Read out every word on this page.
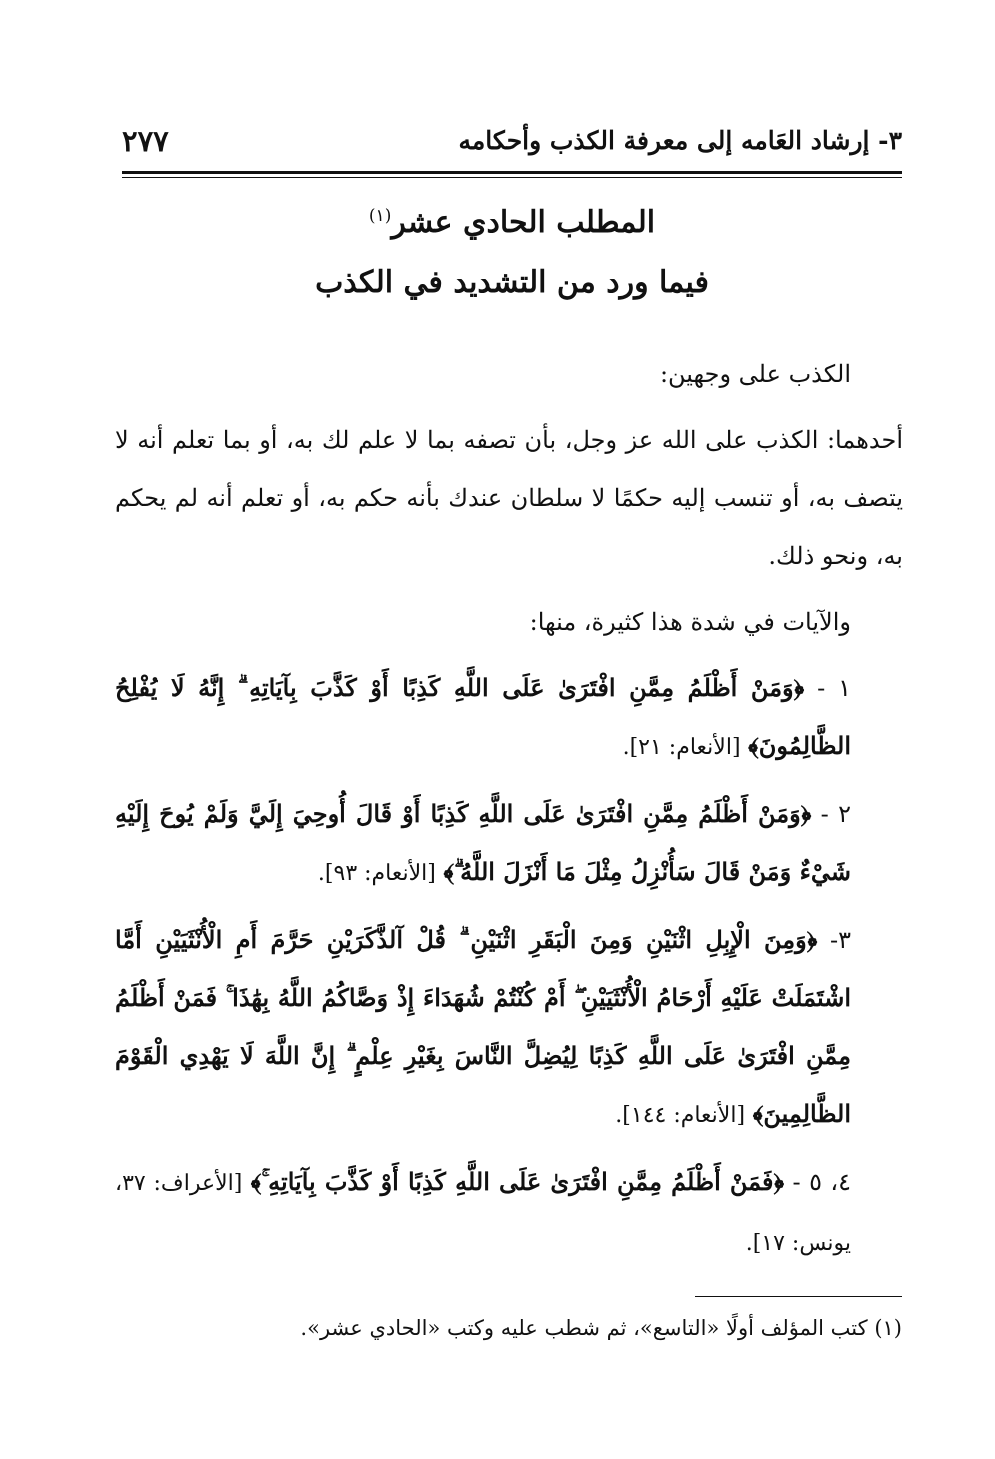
٣- إرشاد العَامه إلى معرفة الكذب وأحكامه
٢٧٧
المطلب الحادي عشر$^{(١)}$
فيما ورد من التشديد في الكذب

الكذب على وجهين:

أحدهما: الكذب على الله عز وجل، بأن تصفه بما لا علم لك به، أو بما تعلم أنه لا يتصف به، أو تنسب إليه حكمًا لا سلطان عندك بأنه حكم به، أو تعلم أنه لم يحكم به، ونحو ذلك.

والآيات في شدة هذا كثيرة، منها:

١ - ﴿وَمَنْ أَظْلَمُ مِمَّنِ افْتَرَىٰ عَلَى اللَّهِ كَذِبًا أَوْ كَذَّبَ بِآيَاتِهِ ۗ إِنَّهُ لَا يُفْلِحُ الظَّالِمُونَ﴾ [الأنعام: ٢١].

٢ - ﴿وَمَنْ أَظْلَمُ مِمَّنِ افْتَرَىٰ عَلَى اللَّهِ كَذِبًا أَوْ قَالَ أُوحِيَ إِلَيَّ وَلَمْ يُوحَ إِلَيْهِ شَيْءٌ وَمَنْ قَالَ سَأُنْزِلُ مِثْلَ مَا أَنْزَلَ اللَّهُ ۗ﴾ [الأنعام: ٩٣].

٣- ﴿وَمِنَ الْإِبِلِ اثْنَيْنِ وَمِنَ الْبَقَرِ اثْنَيْنِ ۗ قُلْ آلذَّكَرَيْنِ حَرَّمَ أَمِ الْأُنْثَيَيْنِ أَمَّا اشْتَمَلَتْ عَلَيْهِ أَرْحَامُ الْأُنْثَيَيْنِ ۖ أَمْ كُنْتُمْ شُهَدَاءَ إِذْ وَصَّاكُمُ اللَّهُ بِهَٰذَا ۚ فَمَنْ أَظْلَمُ مِمَّنِ افْتَرَىٰ عَلَى اللَّهِ كَذِبًا لِيُضِلَّ النَّاسَ بِغَيْرِ عِلْمٍ ۗ إِنَّ اللَّهَ لَا يَهْدِي الْقَوْمَ الظَّالِمِينَ﴾ [الأنعام: ١٤٤].

٤، ٥ - ﴿فَمَنْ أَظْلَمُ مِمَّنِ افْتَرَىٰ عَلَى اللَّهِ كَذِبًا أَوْ كَذَّبَ بِآيَاتِهِ ۚ﴾ [الأعراف: ٣٧، يونس: ١٧].

(١) كتب المؤلف أولًا «التاسع»، ثم شطب عليه وكتب «الحادي عشر».
